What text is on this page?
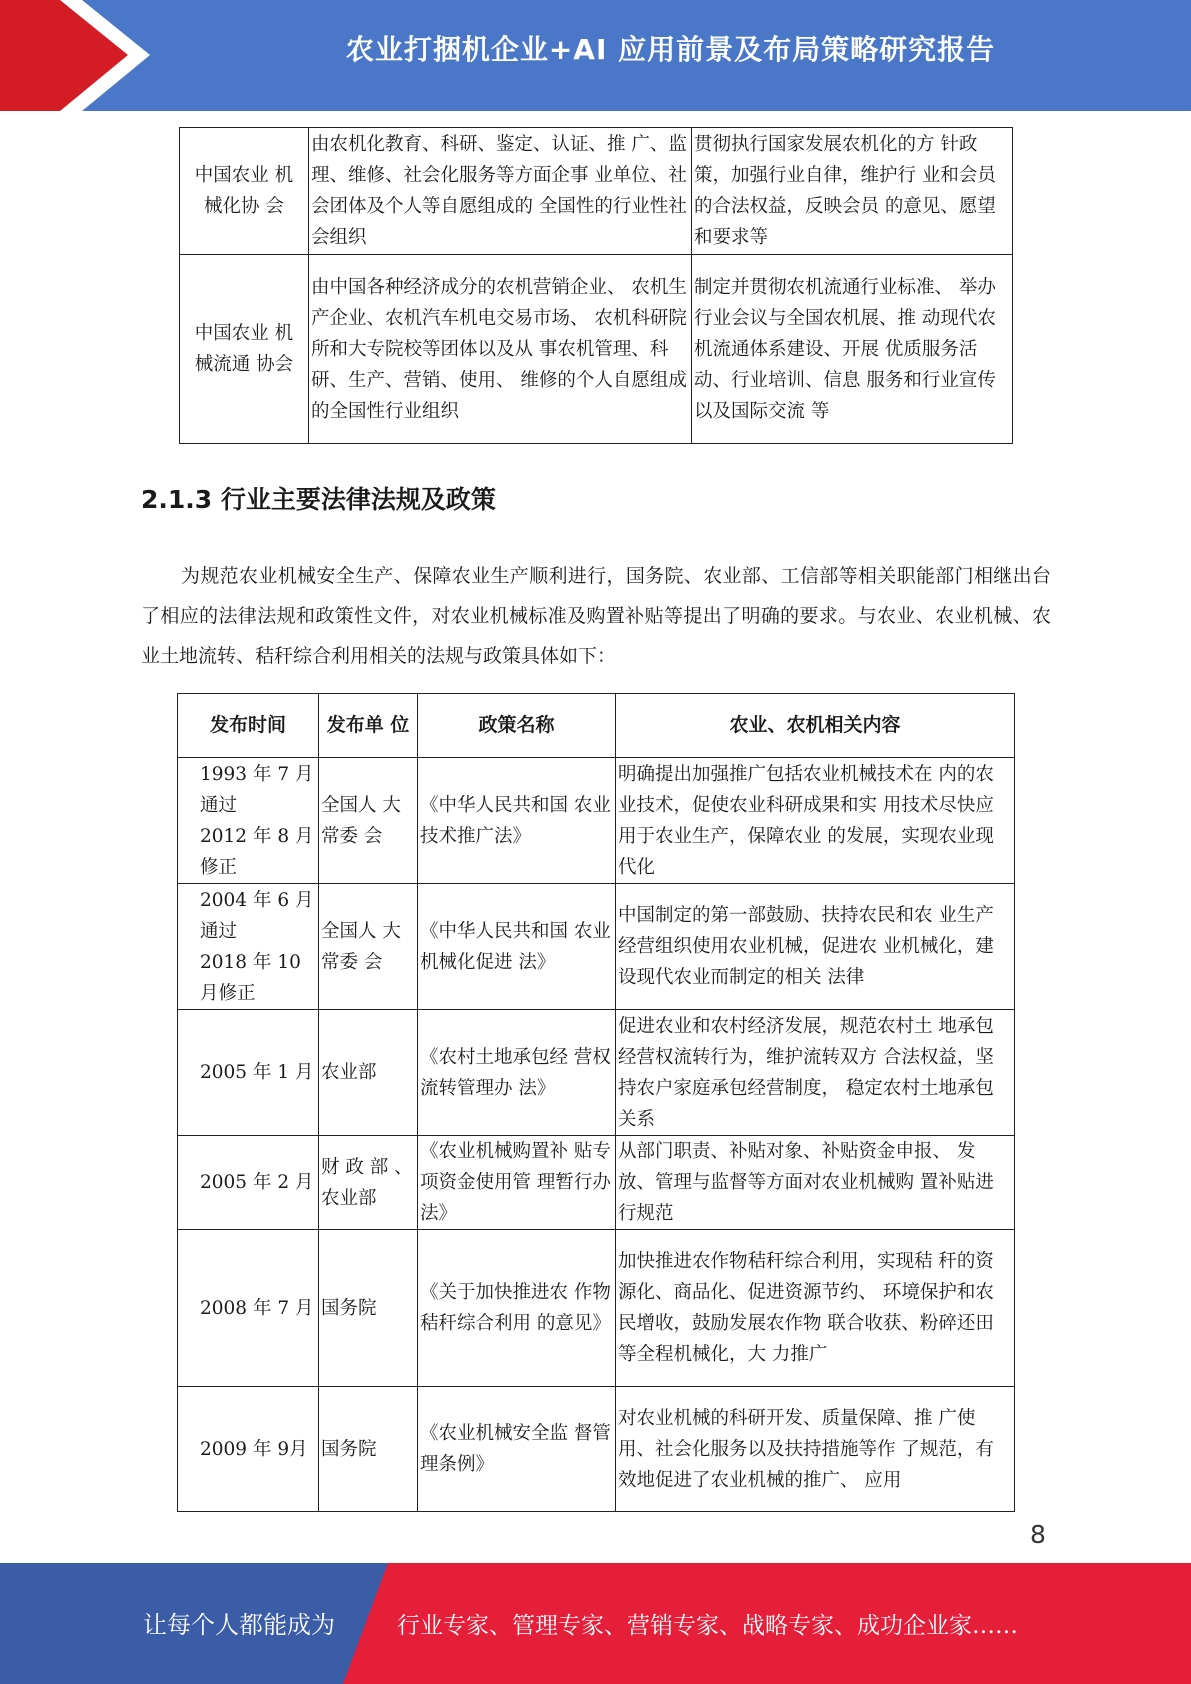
农业打捆机企业+AI 应用前景及布局策略研究报告
中国农业 机械化协 会	由农机化教育、科研、鉴定、认证、推 广、监理、维修、社会化服务等方面企事 业单位、社会团体及个人等自愿组成的 全国性的行业性社会组织	贯彻执行国家发展农机化的方 针政策，加强行业自律，维护行 业和会员的合法权益，反映会员 的意见、愿望和要求等
中国农业 机械流通 协会	由中国各种经济成分的农机营销企业、 农机生产企业、农机汽车机电交易市场、 农机科研院所和大专院校等团体以及从 事农机管理、科研、生产、营销、使用、 维修的个人自愿组成的全国性行业组织	制定并贯彻农机流通行业标准、 举办行业会议与全国农机展、推 动现代农机流通体系建设、开展 优质服务活动、行业培训、信息 服务和行业宣传以及国际交流 等
2.1.3 行业主要法律法规及政策

为规范农业机械安全生产、保障农业生产顺利进行，国务院、农业部、工信部等相关职能部门相继出台了相应的法律法规和政策性文件，对农业机械标准及购置补贴等提出了明确的要求。与农业、农业机械、农业土地流转、秸秆综合利用相关的法规与政策具体如下：

发布时间	发布单 位	政策名称	农业、农机相关内容

1993 年 7 月
通过
2012 年 8 月
修正	全国人 大常委 会	《中华人民共和国 农业技术推广法》	明确提出加强推广包括农业机械技术在 内的农业技术，促使农业科研成果和实 用技术尽快应用于农业生产，保障农业 的发展，实现农业现代化

2004 年 6 月
通过
2018 年 10
月修正	全国人 大常委 会	《中华人民共和国 农业机械化促进 法》	中国制定的第一部鼓励、扶持农民和农 业生产经营组织使用农业机械，促进农 业机械化，建设现代农业而制定的相关 法律
2005 年 1 月	农业部	《农村土地承包经 营权流转管理办 法》	促进农业和农村经济发展，规范农村土 地承包经营权流转行为，维护流转双方 合法权益，坚持农户家庭承包经营制度， 稳定农村土地承包关系
2005 年 2 月	财 政 部 、农业部	《农业机械购置补 贴专项资金使用管 理暂行办法》	从部门职责、补贴对象、补贴资金申报、 发放、管理与监督等方面对农业机械购 置补贴进行规范
2008 年 7 月	国务院	《关于加快推进农 作物秸秆综合利用 的意见》	加快推进农作物秸秆综合利用，实现秸 秆的资源化、商品化、促进资源节约、 环境保护和农民增收，鼓励发展农作物 联合收获、粉碎还田等全程机械化，大 力推广
2009 年 9月	国务院	《农业机械安全监 督管理条例》	对农业机械的科研开发、质量保障、推 广使用、社会化服务以及扶持措施等作 了规范，有效地促进了农业机械的推广、 应用
8
让每个人都能成为	行业专家、管理专家、营销专家、战略专家、成功企业家……
